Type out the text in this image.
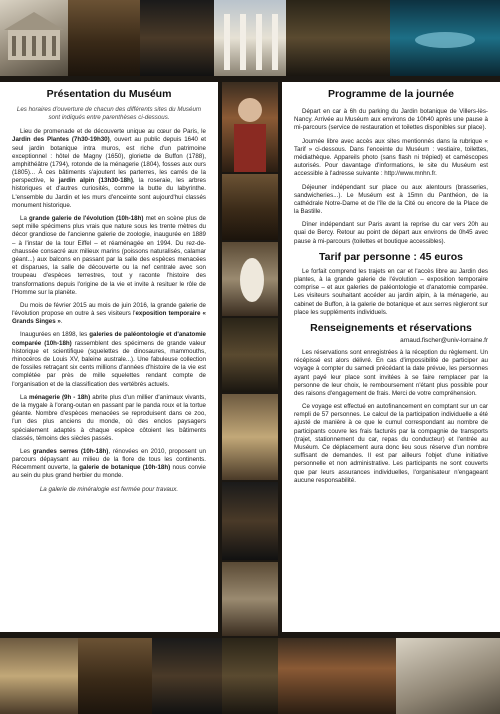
Présentation du Muséum
Les horaires d'ouverture de chacun des différents sites du Muséum sont indiqués entre parenthèses ci-dessous.

Lieu de promenade et de découverte unique au cœur de Paris, le Jardin des Plantes (7h30-19h30), ouvert au public depuis 1640 et seul jardin botanique intra muros, est riche d'un patrimoine exceptionnel : hôtel de Magny (1650), gloriette de Buffon (1788), amphithéâtre (1794), rotonde de la ménagerie (1804), fosses aux ours (1805)... À ces bâtiments s'ajoutent les parterres, les carrés de la perspective, le jardin alpin (13h30-18h), la roseraie, les arbres historiques et d'autres curiosités, comme la butte du labyrinthe. L'ensemble du Jardin et les murs d'enceinte sont aujourd'hui classés monument historique.

La grande galerie de l'évolution (10h-18h) met en scène plus de sept mille spécimens plus vrais que nature sous les trente mètres du décor grandiose de l'ancienne galerie de zoologie, inaugurée en 1889 – à l'instar de la tour Eiffel – et réaménagée en 1994. Du rez-de-chaussée consacré aux milieux marins (poissons naturalisés, calamar géant...) aux balcons en passant par la salle des espèces menacées et disparues, la salle de découverte ou la nef centrale avec son troupeau d'espèces terrestres, tout y raconte l'histoire des transformations depuis l'origine de la vie et invite à resituer le rôle de l'Homme sur la planète.

Du mois de février 2015 au mois de juin 2016, la grande galerie de l'évolution propose en outre à ses visiteurs l'exposition temporaire « Grands Singes ».

Inaugurées en 1898, les galeries de paléontologie et d'anatomie comparée (10h-18h) rassemblent des spécimens de grande valeur historique et scientifique (squelettes de dinosaures, mammouths, rhinocéros de Louis XV, baleine australe...). Une fabuleuse collection de fossiles retraçant six cents millions d'années d'histoire de la vie est complétée par près de mille squelettes rendant compte de l'organisation et de la classification des vertébrés actuels.

La ménagerie (9h - 18h) abrite plus d'un millier d'animaux vivants, de la mygale à l'orang-outan en passant par le panda roux et la tortue géante. Nombre d'espèces menacées se reproduisent dans ce zoo, l'un des plus anciens du monde, où des enclos paysagers spécialement adaptés à chaque espèce côtoient les bâtiments classés, témoins des siècles passés.

Les grandes serres (10h-18h), rénovées en 2010, proposent un parcours dépaysant au milieu de la flore de tous les continents. Récemment ouverte, la galerie de botanique (10h-18h) nous convie au sein du plus grand herbier du monde.

La galerie de minéralogie est fermée pour travaux.
Programme de la journée

Départ en car à 6h du parking du Jardin botanique de Villers-lès-Nancy. Arrivée au Muséum aux environs de 10h40 après une pause à mi-parcours (service de restauration et toilettes disponibles sur place).

Journée libre avec accès aux sites mentionnés dans la rubrique « Tarif » ci-dessous. Dans l'enceinte du Muséum : vestiaire, toilettes, médiathèque. Appareils photo (sans flash ni trépied) et caméscopes autorisés. Pour davantage d'informations, le site du Muséum est accessible à l'adresse suivante : http://www.mnhn.fr.

Déjeuner indépendant sur place ou aux alentours (brasseries, sandwicheries...). Le Muséum est à 15mn du Panthéon, de la cathédrale Notre-Dame et de l'île de la Cité ou encore de la Place de la Bastille.

Dîner indépendant sur Paris avant la reprise du car vers 20h au quai de Bercy. Retour au point de départ aux environs de 0h45 avec pause à mi-parcours (toilettes et boutique accessibles).

Tarif par personne : 45 euros

Le forfait comprend les trajets en car et l'accès libre au Jardin des plantes, à la grande galerie de l'évolution – exposition temporaire comprise – et aux galeries de paléontologie et d'anatomie comparée. Les visiteurs souhaitant accéder au jardin alpin, à la ménagerie, au cabinet de Buffon, à la galerie de botanique et aux serres règleront sur place les suppléments individuels.

Renseignements et réservations
arnaud.fischer@univ-lorraine.fr

Les réservations sont enregistrées à la réception du règlement. Un récépissé est alors délivré. En cas d'impossibilité de participer au voyage à compter du samedi précédant la date prévue, les personnes ayant payé leur place sont invitées à se faire remplacer par la personne de leur choix, le remboursement n'étant plus possible pour des raisons d'engagement de frais. Merci de votre compréhension.

Ce voyage est effectué en autofinancement en comptant sur un car rempli de 57 personnes. Le calcul de la participation individuelle a été ajusté de manière à ce que le cumul correspondant au nombre de participants couvre les frais facturés par la compagnie de transports (trajet, stationnement du car, repas du conducteur) et l'entrée au Muséum. Ce déplacement aura donc lieu sous réserve d'un nombre suffisant de demandes. Il est par ailleurs l'objet d'une initiative personnelle et non administrative. Les participants ne sont couverts que par leurs assurances individuelles, l'organisateur n'engageant aucune responsabilité.
